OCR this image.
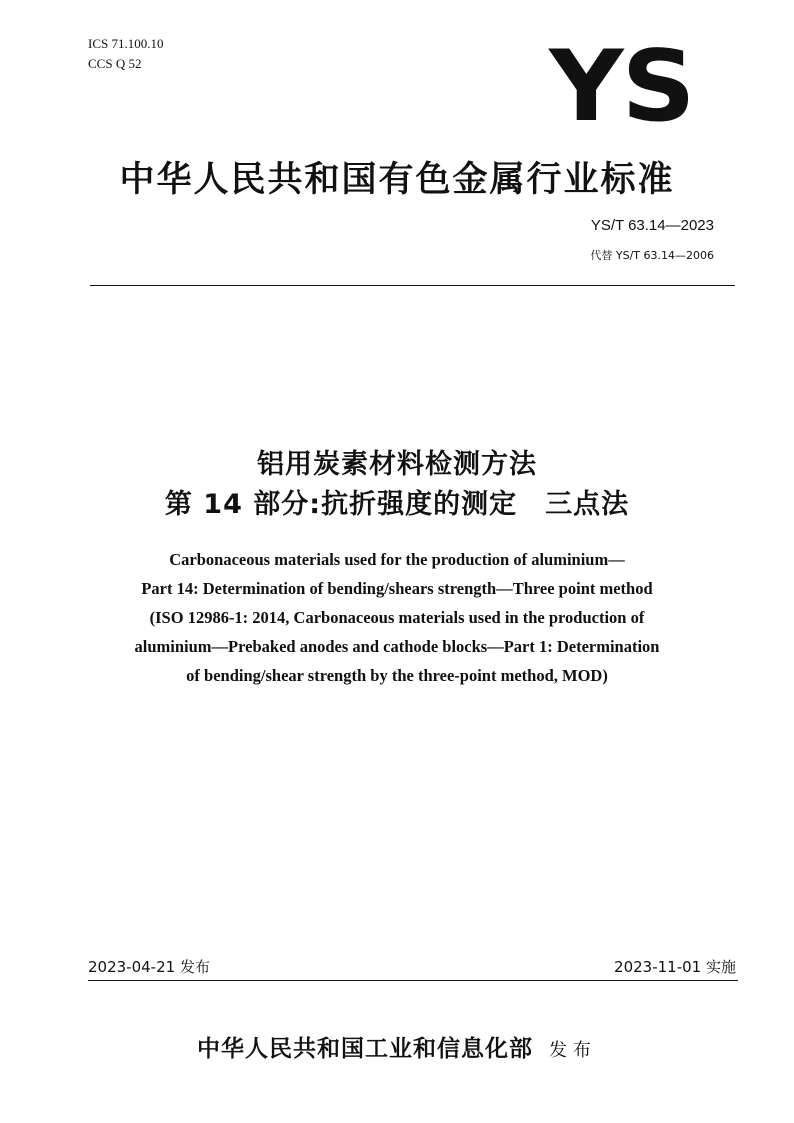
ICS 71.100.10
CCS Q 52	YS
中华人民共和国有色金属行业标准
YS/T 63.14—2023
代替 YS/T 63.14—2006
铝用炭素材料检测方法
第 14 部分:抗折强度的测定　三点法
Carbonaceous materials used for the production of aluminium—
Part 14: Determination of bending/shears strength—Three point method
(ISO 12986-1: 2014, Carbonaceous materials used in the production of
aluminium—Prebaked anodes and cathode blocks—Part 1: Determination
of bending/shear strength by the three-point method, MOD)
2023-04-21 发布	2023-11-01 实施
中华人民共和国工业和信息化部 发布
